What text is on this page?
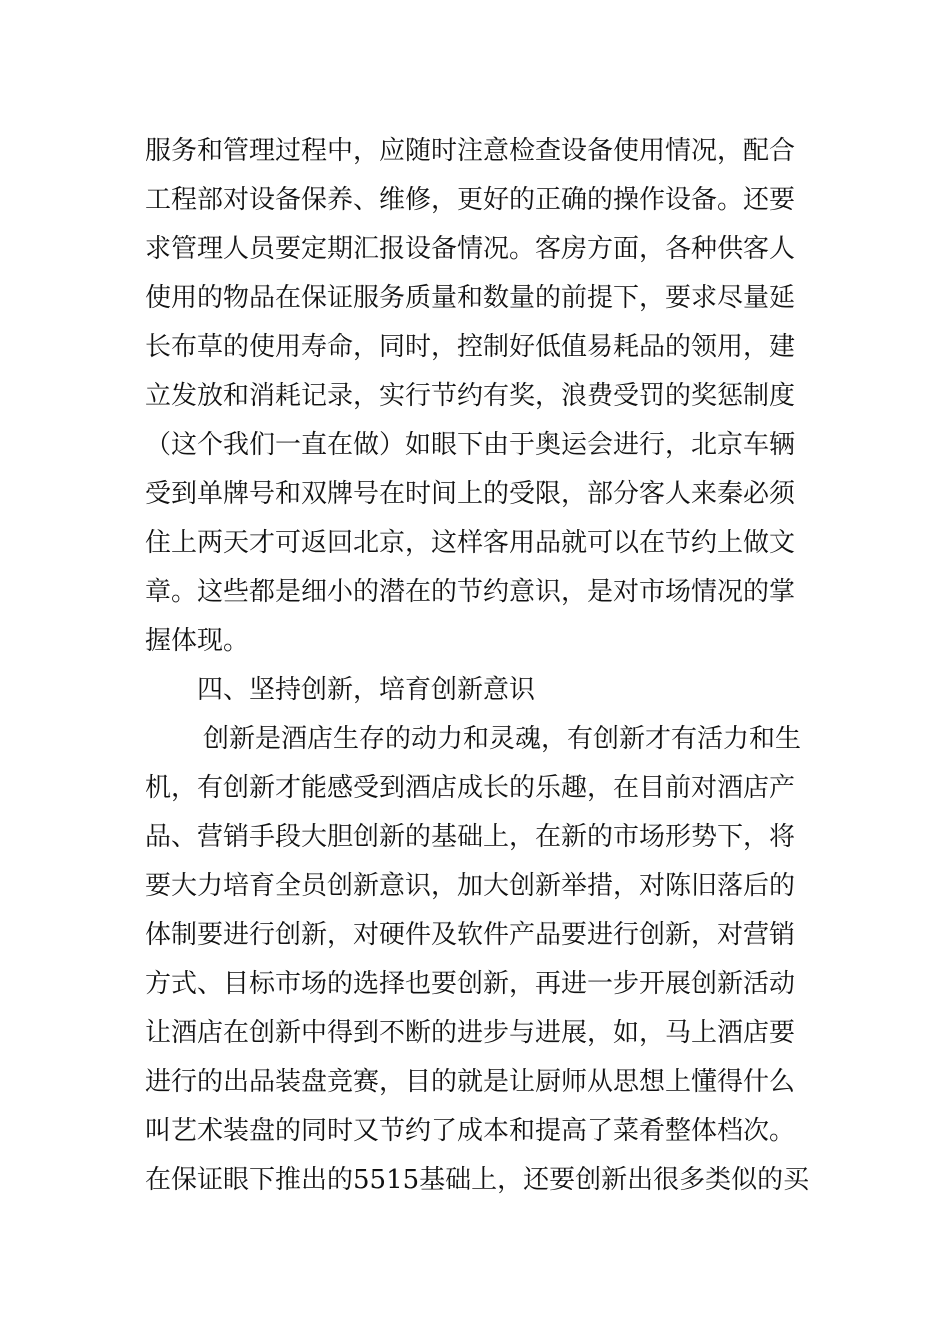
服务和管理过程中，应随时注意检查设备使用情况，配合
工程部对设备保养、维修，更好的正确的操作设备。还要
求管理人员要定期汇报设备情况。客房方面，各种供客人
使用的物品在保证服务质量和数量的前提下，要求尽量延
长布草的使用寿命，同时，控制好低值易耗品的领用，建
立发放和消耗记录，实行节约有奖，浪费受罚的奖惩制度
（这个我们一直在做）如眼下由于奥运会进行，北京车辆
受到单牌号和双牌号在时间上的受限，部分客人来秦必须
住上两天才可返回北京，这样客用品就可以在节约上做文
章。这些都是细小的潜在的节约意识，是对市场情况的掌
握体现。
四、坚持创新，培育创新意识
创新是酒店生存的动力和灵魂，有创新才有活力和生
机，有创新才能感受到酒店成长的乐趣，在目前对酒店产
品、营销手段大胆创新的基础上，在新的市场形势下，将
要大力培育全员创新意识，加大创新举措，对陈旧落后的
体制要进行创新，对硬件及软件产品要进行创新，对营销
方式、目标市场的选择也要创新，再进一步开展创新活动
让酒店在创新中得到不断的进步与进展，如，马上酒店要
进行的出品装盘竞赛，目的就是让厨师从思想上懂得什么
叫艺术装盘的同时又节约了成本和提高了菜肴整体档次。
在保证眼下推出的5515基础上，还要创新出很多类似的买
